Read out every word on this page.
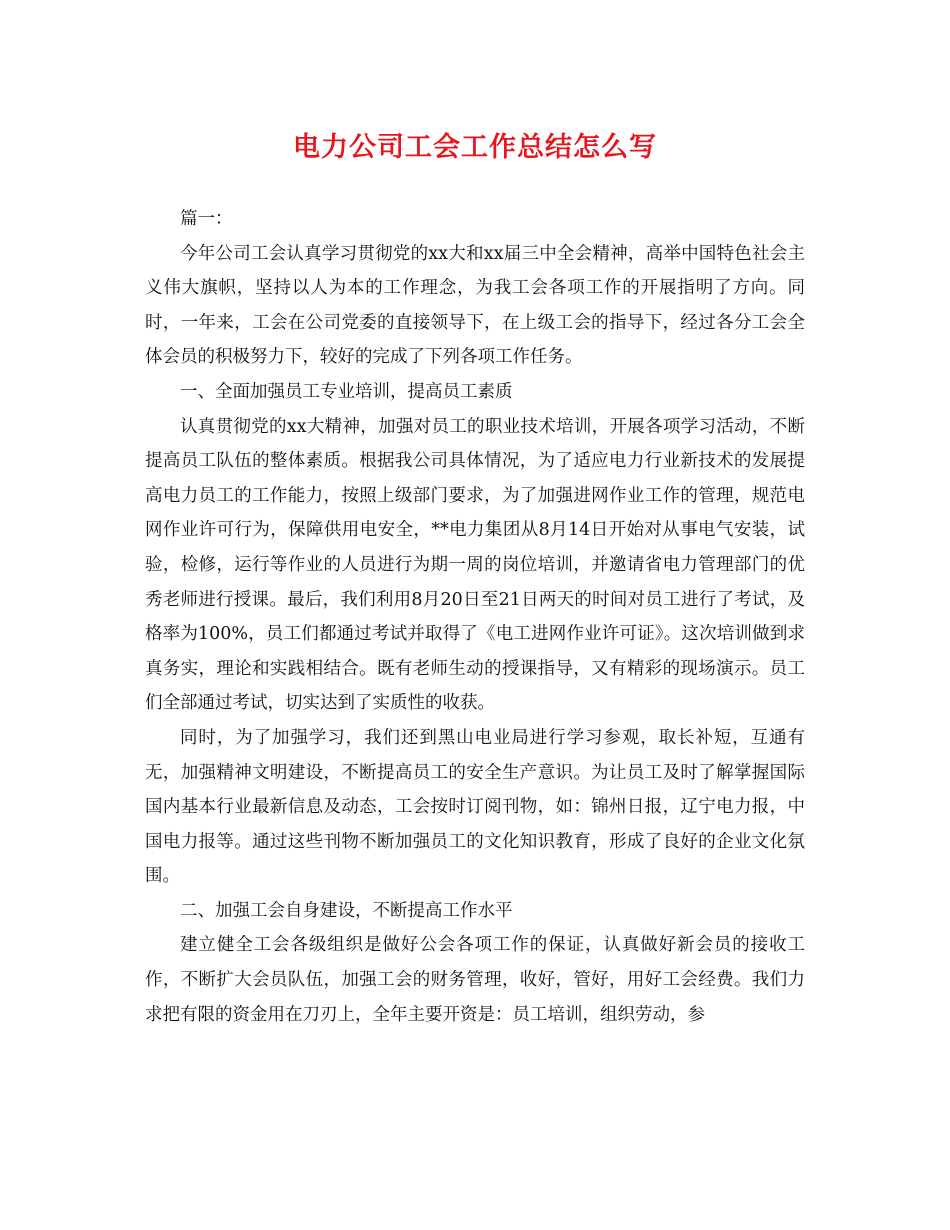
电力公司工会工作总结怎么写

篇一：

今年公司工会认真学习贯彻党的xx大和xx届三中全会精神，高举中国特色社会主义伟大旗帜，坚持以人为本的工作理念，为我工会各项工作的开展指明了方向。同时，一年来，工会在公司党委的直接领导下，在上级工会的指导下，经过各分工会全体会员的积极努力下，较好的完成了下列各项工作任务。

一、全面加强员工专业培训，提高员工素质

认真贯彻党的xx大精神，加强对员工的职业技术培训，开展各项学习活动，不断提高员工队伍的整体素质。根据我公司具体情况，为了适应电力行业新技术的发展提高电力员工的工作能力，按照上级部门要求，为了加强进网作业工作的管理，规范电网作业许可行为，保障供用电安全，**电力集团从8月14日开始对从事电气安装，试验，检修，运行等作业的人员进行为期一周的岗位培训，并邀请省电力管理部门的优秀老师进行授课。最后，我们利用8月20日至21日两天的时间对员工进行了考试，及格率为100%，员工们都通过考试并取得了《电工进网作业许可证》。这次培训做到求真务实，理论和实践相结合。既有老师生动的授课指导，又有精彩的现场演示。员工们全部通过考试，切实达到了实质性的收获。

同时，为了加强学习，我们还到黑山电业局进行学习参观，取长补短，互通有无，加强精神文明建设，不断提高员工的安全生产意识。为让员工及时了解掌握国际国内基本行业最新信息及动态，工会按时订阅刊物，如：锦州日报，辽宁电力报，中国电力报等。通过这些刊物不断加强员工的文化知识教育，形成了良好的企业文化氛围。

二、加强工会自身建设，不断提高工作水平

建立健全工会各级组织是做好公会各项工作的保证，认真做好新会员的接收工作，不断扩大会员队伍，加强工会的财务管理，收好，管好，用好工会经费。我们力求把有限的资金用在刀刃上，全年主要开资是：员工培训，组织劳动，参
